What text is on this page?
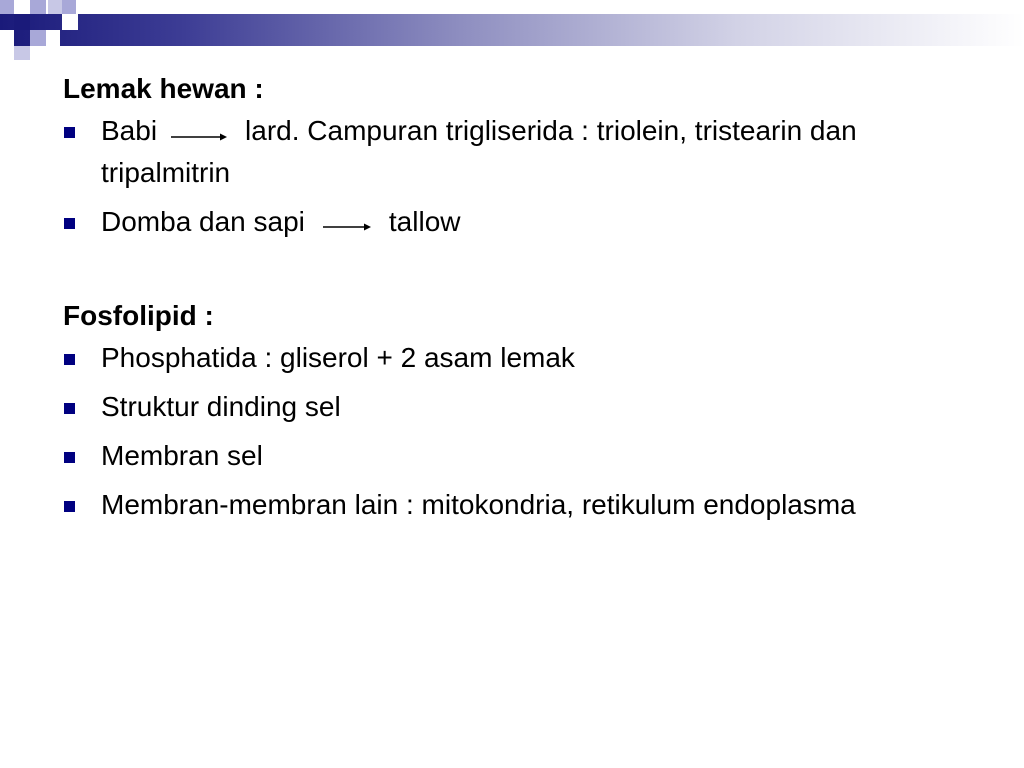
Lemak hewan :

Babi	lard. Campuran trigliserida : triolein, tristearin dan tripalmitrin
Domba dan sapi	tallow

Fosfolipid :

Phosphatida : gliserol + 2 asam lemak
Struktur dinding sel
Membran sel
Membran-membran lain : mitokondria, retikulum endoplasma
